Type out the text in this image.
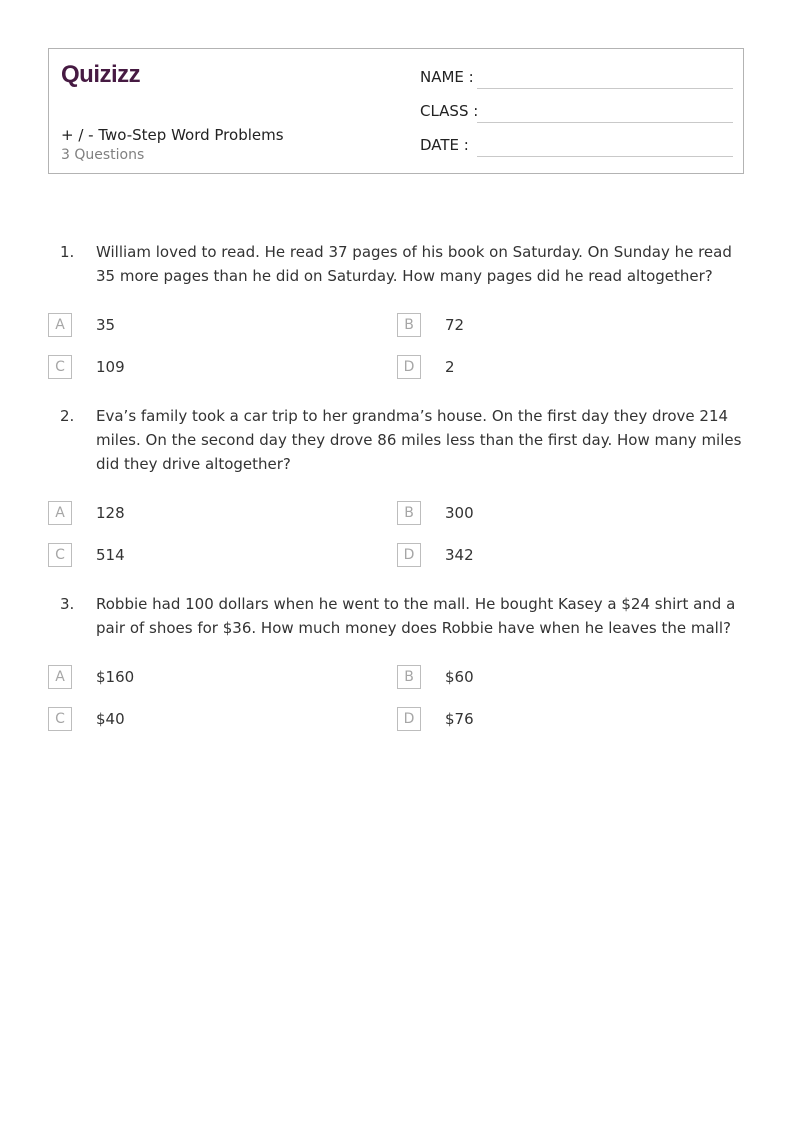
Quizizz
+ / - Two-Step Word Problems
3 Questions
NAME :
CLASS :
DATE :
1. William loved to read. He read 37 pages of his book on Saturday. On Sunday he read 35 more pages than he did on Saturday. How many pages did he read altogether?
A	35	B	72
C	109	D	2
2. Eva’s family took a car trip to her grandma’s house. On the first day they drove 214 miles. On the second day they drove 86 miles less than the first day. How many miles did they drive altogether?
A	128	B	300
C	514	D	342
3. Robbie had 100 dollars when he went to the mall. He bought Kasey a $24 shirt and a pair of shoes for $36. How much money does Robbie have when he leaves the mall?
A	$160	B	$60
C	$40	D	$76
